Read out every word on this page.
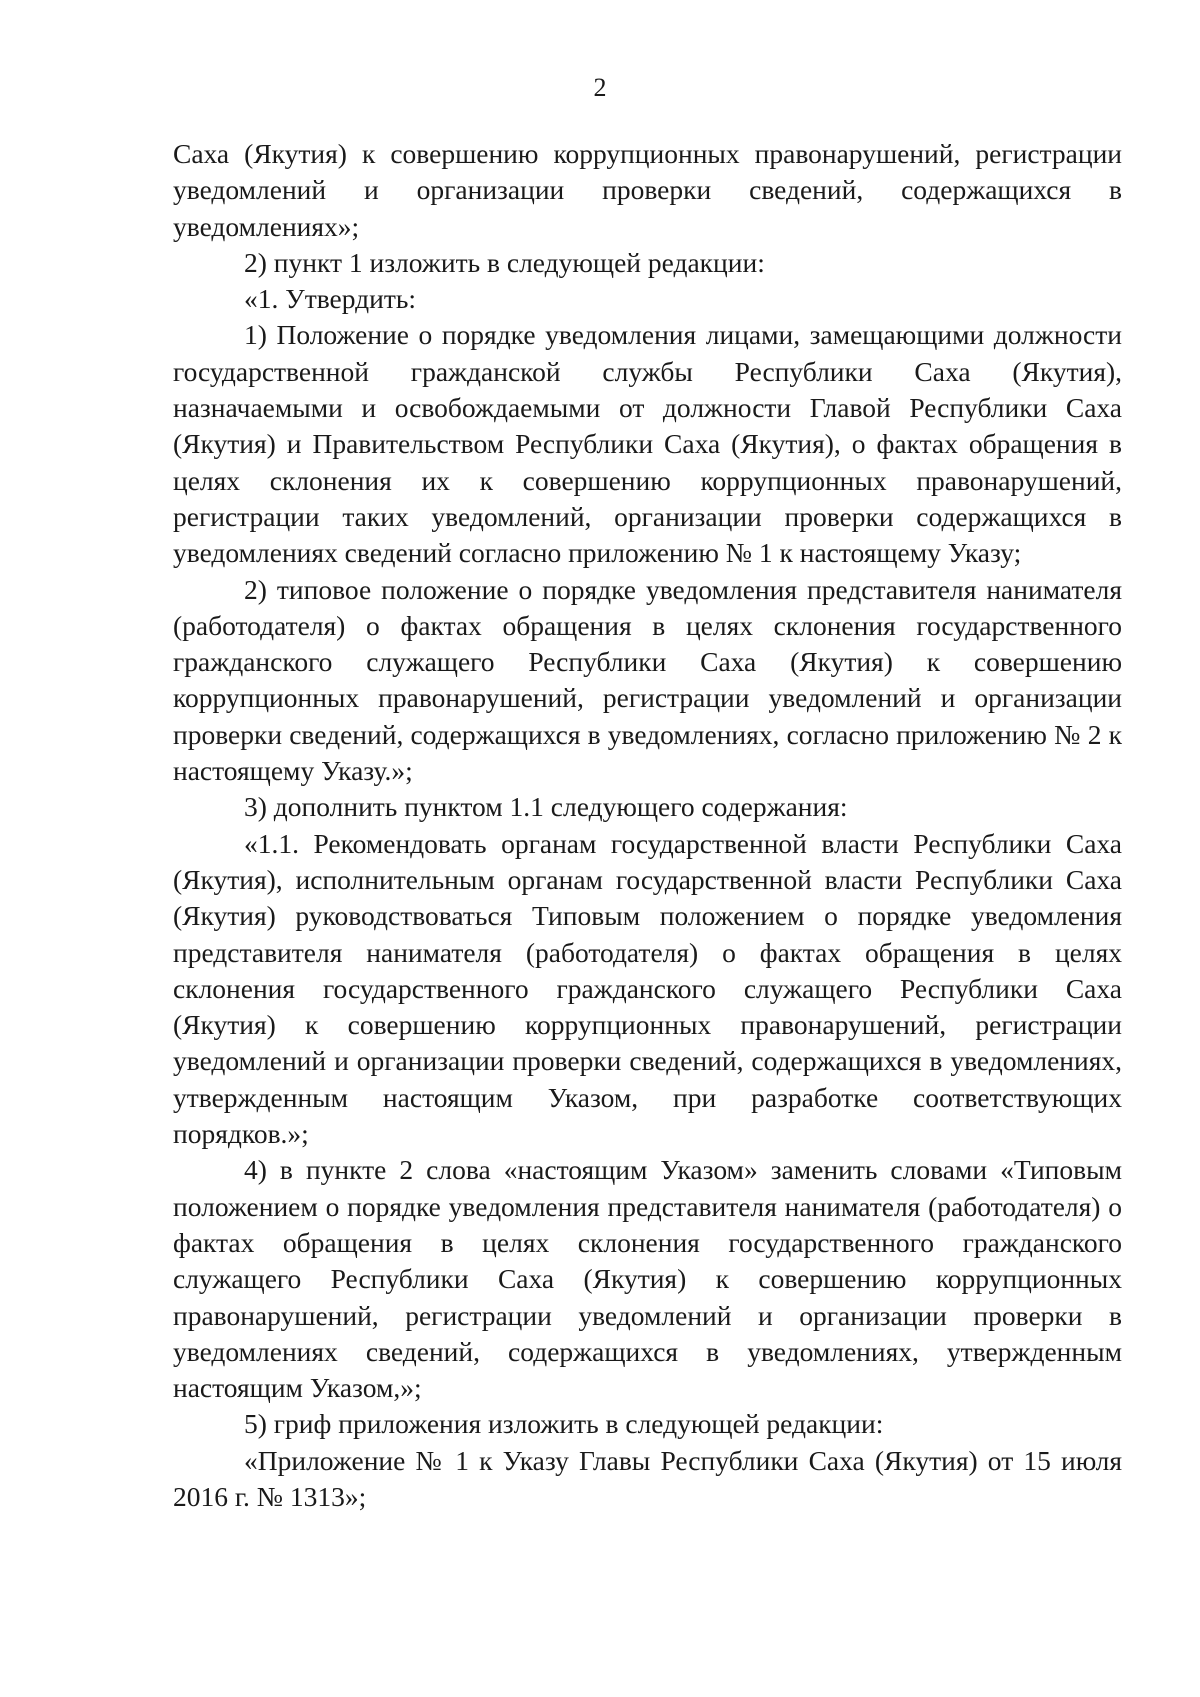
2

Саха (Якутия) к совершению коррупционных правонарушений, регистрации уведомлений и организации проверки сведений, содержащихся в уведомлениях»;

2) пункт 1 изложить в следующей редакции:

«1. Утвердить:

1) Положение о порядке уведомления лицами, замещающими должности государственной гражданской службы Республики Саха (Якутия), назначаемыми и освобождаемыми от должности Главой Республики Саха (Якутия) и Правительством Республики Саха (Якутия), о фактах обращения в целях склонения их к совершению коррупционных правонарушений, регистрации таких уведомлений, организации проверки содержащихся в уведомлениях сведений согласно приложению № 1 к настоящему Указу;

2) типовое положение о порядке уведомления представителя нанимателя (работодателя) о фактах обращения в целях склонения государственного гражданского служащего Республики Саха (Якутия) к совершению коррупционных правонарушений, регистрации уведомлений и организации проверки сведений, содержащихся в уведомлениях, согласно приложению № 2 к настоящему Указу.»;

3) дополнить пунктом 1.1 следующего содержания:

«1.1. Рекомендовать органам государственной власти Республики Саха (Якутия), исполнительным органам государственной власти Республики Саха (Якутия) руководствоваться Типовым положением о порядке уведомления представителя нанимателя (работодателя) о фактах обращения в целях склонения государственного гражданского служащего Республики Саха (Якутия) к совершению коррупционных правонарушений, регистрации уведомлений и организации проверки сведений, содержащихся в уведомлениях, утвержденным настоящим Указом, при разработке соответствующих порядков.»;

4) в пункте 2 слова «настоящим Указом» заменить словами «Типовым положением о порядке уведомления представителя нанимателя (работодателя) о фактах обращения в целях склонения государственного гражданского служащего Республики Саха (Якутия) к совершению коррупционных правонарушений, регистрации уведомлений и организации проверки в уведомлениях сведений, содержащихся в уведомлениях, утвержденным настоящим Указом,»;

5) гриф приложения изложить в следующей редакции:

«Приложение № 1 к Указу Главы Республики Саха (Якутия) от 15 июля 2016 г. № 1313»;
